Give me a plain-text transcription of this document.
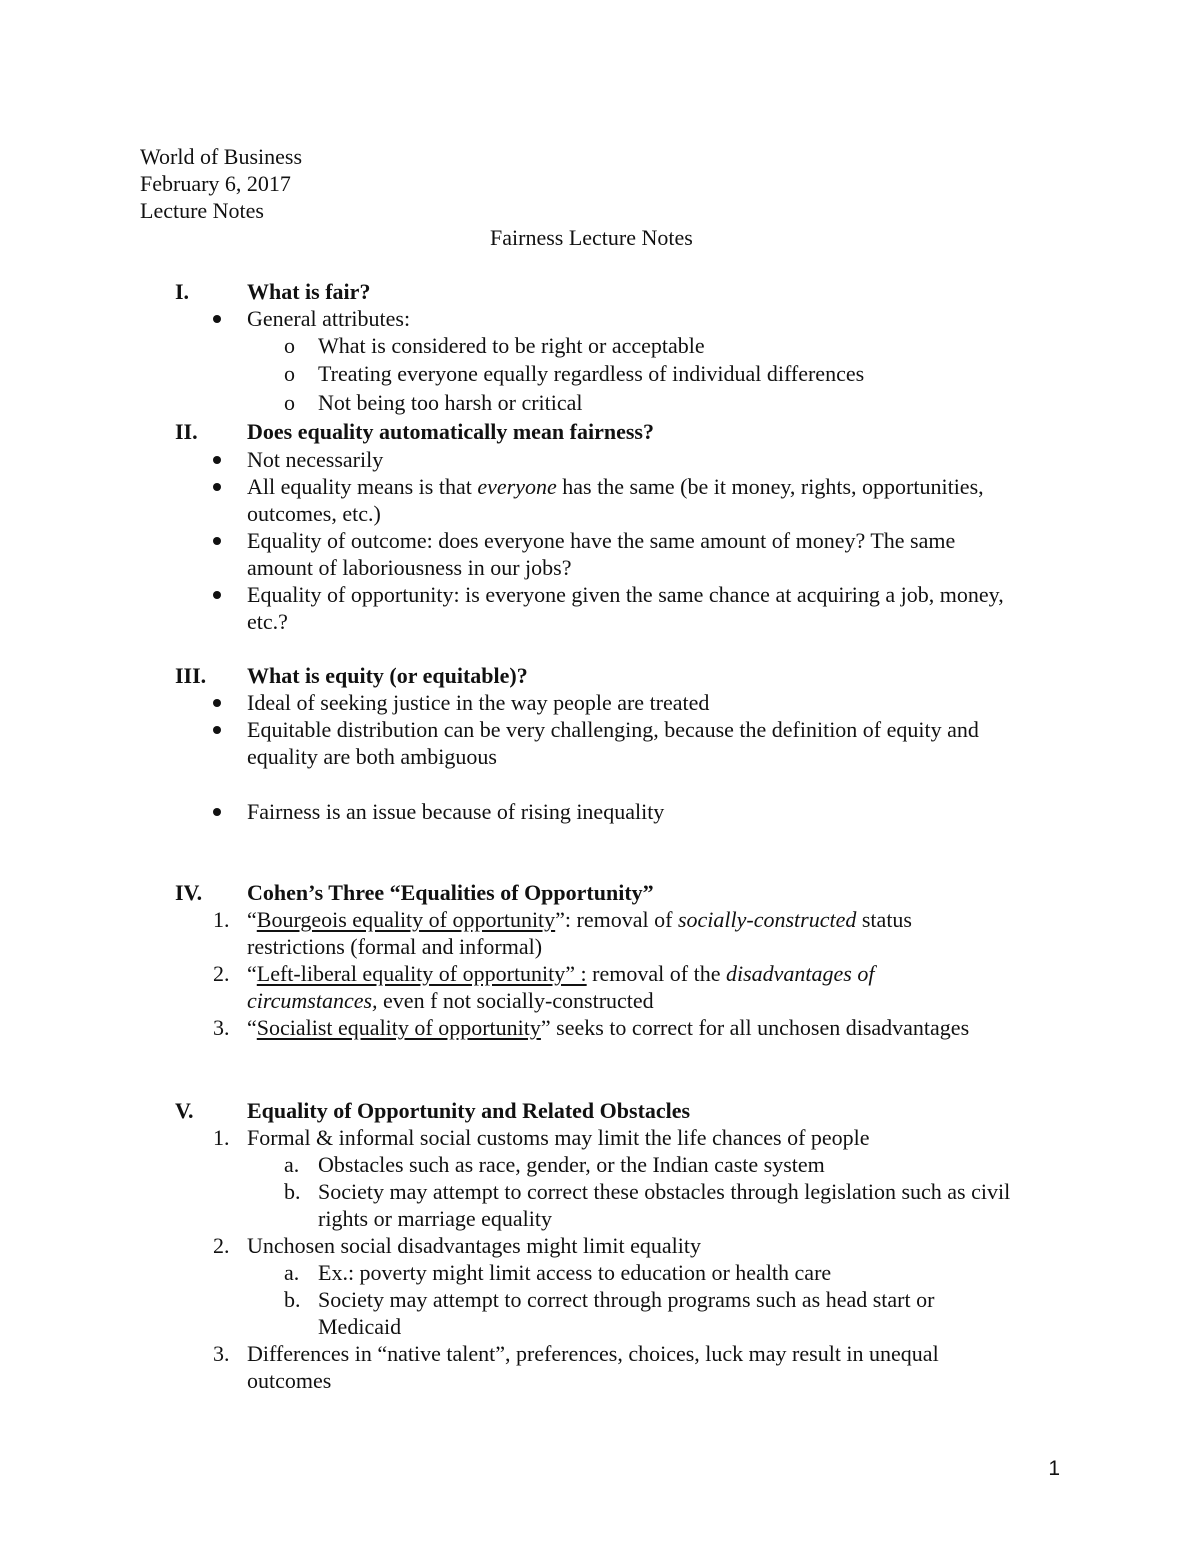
World of Business
February 6, 2017
Lecture Notes
Fairness Lecture Notes
I.	What is fair?
General attributes:
o What is considered to be right or acceptable
o Treating everyone equally regardless of individual differences
o Not being too harsh or critical
II. Does equality automatically mean fairness?
Not necessarily
All equality means is that everyone has the same (be it money, rights, opportunities,
outcomes, etc.)
Equality of outcome: does everyone have the same amount of money? The same
amount of laboriousness in our jobs?
Equality of opportunity: is everyone given the same chance at acquiring a job, money,
etc.?
III. What is equity (or equitable)?
Ideal of seeking justice in the way people are treated
Equitable distribution can be very challenging, because the definition of equity and
equality are both ambiguous
Fairness is an issue because of rising inequality
IV. Cohen’s Three “Equalities of Opportunity”
1. “Bourgeois equality of opportunity”: removal of socially-constructed status
restrictions (formal and informal)
2. “Left-liberal equality of opportunity” : removal of the disadvantages of
circumstances, even f not socially-constructed
3. “Socialist equality of opportunity” seeks to correct for all unchosen disadvantages
V. Equality of Opportunity and Related Obstacles
1. Formal & informal social customs may limit the life chances of people
a. Obstacles such as race, gender, or the Indian caste system
b. Society may attempt to correct these obstacles through legislation such as civil
rights or marriage equality
2. Unchosen social disadvantages might limit equality
a. Ex.: poverty might limit access to education or health care
b. Society may attempt to correct through programs such as head start or
Medicaid
3. Differences in “native talent”, preferences, choices, luck may result in unequal
outcomes
1
